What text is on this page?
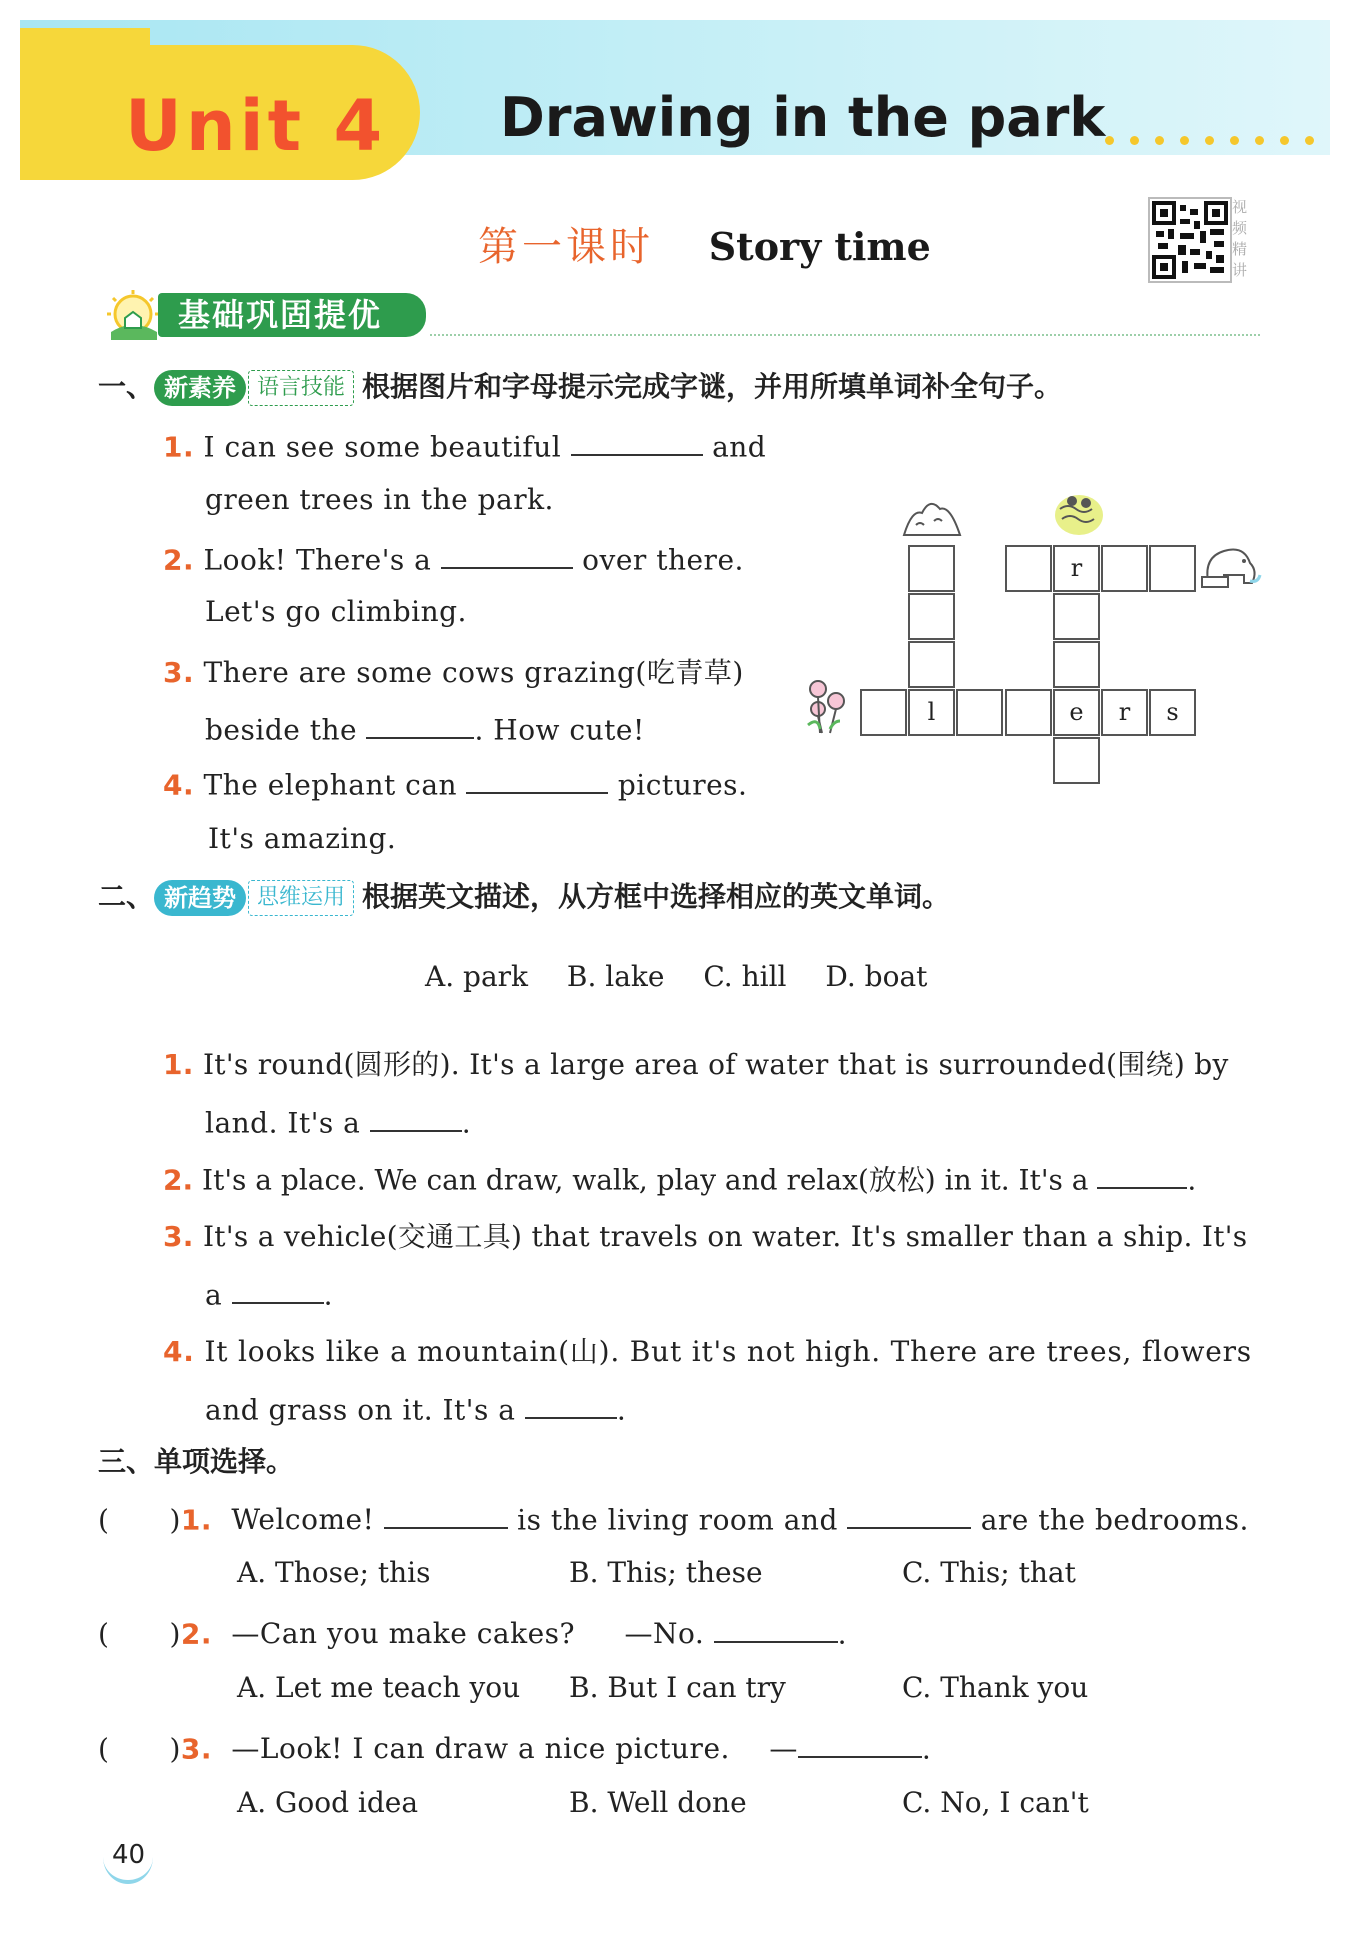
Unit 4 Drawing in the park
第一课时 Story time
视频精讲
基础巩固提优
一、 新素养 语言技能 根据图片和字母提示完成字谜，并用所填单词补全句子。
1. I can see some beautiful	and
green trees in the park.
2. Look! There's a	over there.
Let's go climbing.
3. There are some cows grazing(吃青草)
beside the	. How cute!
4. The elephant can	pictures.
It's amazing.
r
l	e	r	s
二、 新趋势 思维运用 根据英文描述，从方框中选择相应的英文单词。
A. park B. lake C. hill D. boat
1. It's round(圆形的). It's a large area of water that is surrounded(围绕) by
land. It's a	.
2. It's a place. We can draw, walk, play and relax(放松) in it. It's a	.
3. It's a vehicle(交通工具) that travels on water. It's smaller than a ship. It's
a	.
4. It looks like a mountain(山). But it's not high. There are trees, flowers
and grass on it. It's a	.
三、单项选择。
( )1. Welcome!	is the living room and	are the bedrooms.
A. Those; this	B. This; these	C. This; that
( )2. —Can you make cakes? —No.	.
A. Let me teach you B. But I can try	C. Thank you
( )3. —Look! I can draw a nice picture. —	.
A. Good idea	B. Well done	C. No, I can't
40
